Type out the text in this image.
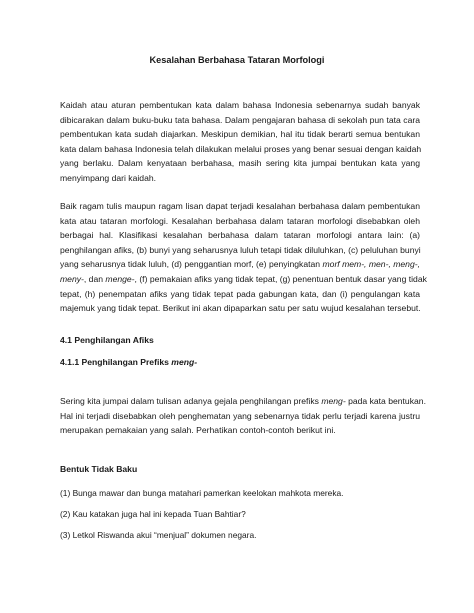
Kesalahan Berbahasa Tataran Morfologi
Kaidah atau aturan pembentukan kata dalam bahasa Indonesia sebenarnya sudah banyak
dibicarakan dalam buku-buku tata bahasa. Dalam pengajaran bahasa di sekolah pun tata cara
pembentukan kata sudah diajarkan. Meskipun demikian, hal itu tidak berarti semua bentukan
kata dalam bahasa Indonesia telah dilakukan melalui proses yang benar sesuai dengan kaidah
yang berlaku. Dalam kenyataan berbahasa, masih sering kita jumpai bentukan kata yang
menyimpang dari kaidah.
Baik ragam tulis maupun ragam lisan dapat terjadi kesalahan berbahasa dalam pembentukan
kata atau tataran morfologi. Kesalahan berbahasa dalam tataran morfologi disebabkan oleh
berbagai hal. Klasifikasi kesalahan berbahasa dalam tataran morfologi antara lain: (a)
penghilangan afiks, (b) bunyi yang seharusnya luluh tetapi tidak diluluhkan, (c) peluluhan bunyi
yang seharusnya tidak luluh, (d) penggantian morf, (e) penyingkatan morf mem-, men-, meng-,
meny-, dan menge-, (f) pemakaian afiks yang tidak tepat, (g) penentuan bentuk dasar yang tidak
tepat, (h) penempatan afiks yang tidak tepat pada gabungan kata, dan (i) pengulangan kata
majemuk yang tidak tepat. Berikut ini akan dipaparkan satu per satu wujud kesalahan tersebut.
4.1 Penghilangan Afiks
4.1.1 Penghilangan Prefiks meng-
Sering kita jumpai dalam tulisan adanya gejala penghilangan prefiks meng- pada kata bentukan.
Hal ini terjadi disebabkan oleh penghematan yang sebenarnya tidak perlu terjadi karena justru
merupakan pemakaian yang salah. Perhatikan contoh-contoh berikut ini.
Bentuk Tidak Baku
(1) Bunga mawar dan bunga matahari pamerkan keelokan mahkota mereka.
(2) Kau katakan juga hal ini kepada Tuan Bahtiar?
(3) Letkol Riswanda akui “menjual” dokumen negara.
